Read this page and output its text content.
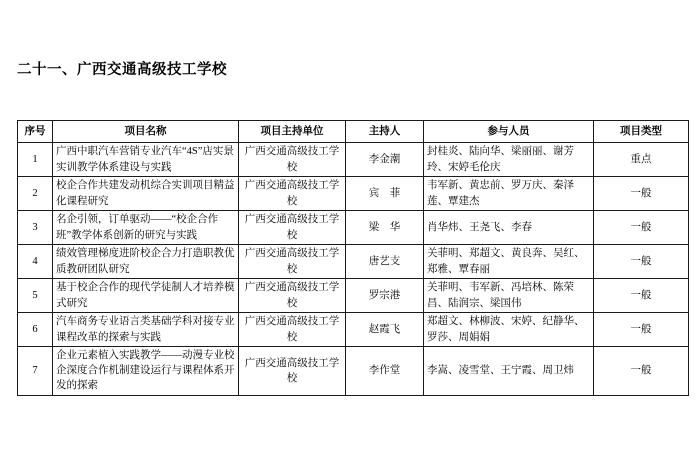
二十一、广西交通高级技工学校
序号	项目名称	项目主持单位	主持人	参与人员	项目类型
1	广西中职汽车营销专业汽车“4S”店实景实训教学体系建设与实践	广西交通高级技工学校	李金潮	封桂炎、陆向华、梁丽丽、谢芳玲、宋婷毛伦庆	重点
2	校企合作共建发动机综合实训项目精益化课程研究	广西交通高级技工学校	宾　菲	韦军新、黄忠前、罗万庆、秦泽莲、覃建杰	一般
3	名企引领，订单驱动——“校企合作班”教学体系创新的研究与实践	广西交通高级技工学校	梁　华	肖华炜、王尧飞、李春	一般
4	绩效管理梯度进阶校企合力打造职教优质教研团队研究	广西交通高级技工学校	唐艺支	关菲明、郑超文、黄良奔、吴红、郑雅、覃春丽	一般
5	基于校企合作的现代学徒制人才培养模式研究	广西交通高级技工学校	罗宗港	关菲明、韦军新、冯培林、陈荣昌、陆润宗、梁国伟	一般
6	汽车商务专业语言类基础学科对接专业课程改革的探索与实践	广西交通高级技工学校	赵霞飞	郑超文、林柳波、宋婷、纪静华、罗莎、周娟娟	一般
7	企业元素植入实践教学——动漫专业校企深度合作机制建设运行与课程体系开发的探索	广西交通高级技工学校	李作堂	李嵩、凌雪堂、王宁霞、周卫炜	一般
